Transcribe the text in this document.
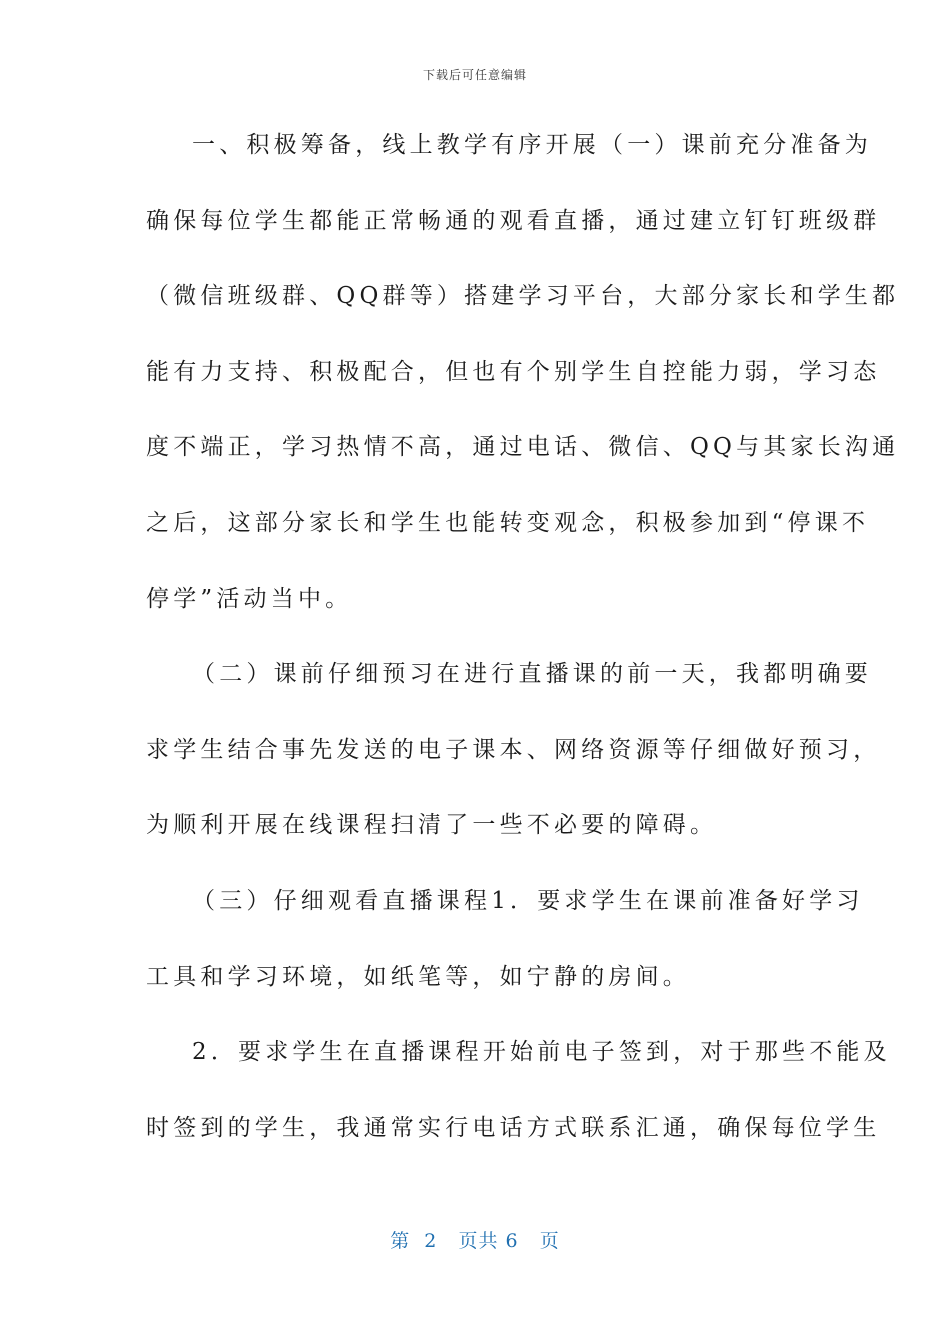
下载后可任意编辑
一、积极筹备，线上教学有序开展（一）课前充分准备为
确保每位学生都能正常畅通的观看直播，通过建立钉钉班级群
（微信班级群、QQ群等）搭建学习平台，大部分家长和学生都
能有力支持、积极配合，但也有个别学生自控能力弱，学习态
度不端正，学习热情不高，通过电话、微信、QQ与其家长沟通
之后，这部分家长和学生也能转变观念，积极参加到“停课不
停学”活动当中。
（二）课前仔细预习在进行直播课的前一天，我都明确要
求学生结合事先发送的电子课本、网络资源等仔细做好预习，
为顺利开展在线课程扫清了一些不必要的障碍。
（三）仔细观看直播课程1．要求学生在课前准备好学习
工具和学习环境，如纸笔等，如宁静的房间。
2．要求学生在直播课程开始前电子签到，对于那些不能及
时签到的学生，我通常实行电话方式联系汇通，确保每位学生
第  2   页共 6   页
